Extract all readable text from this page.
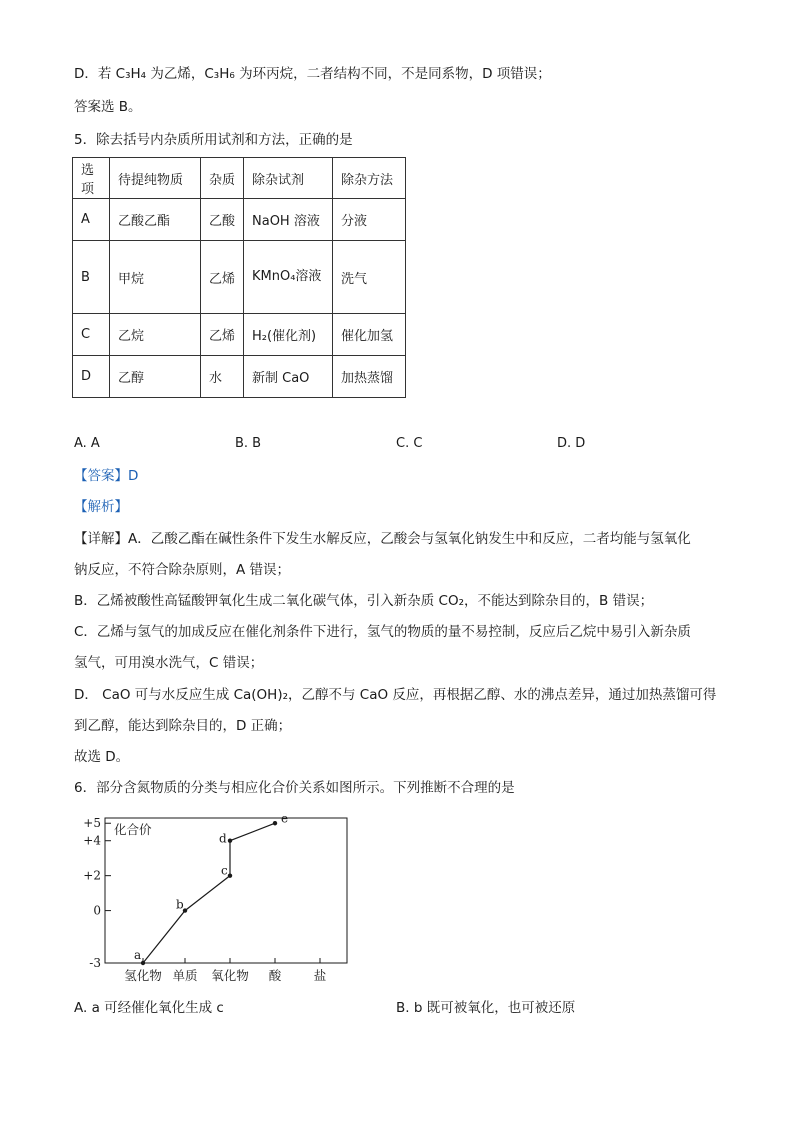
D．若 C₃H₄ 为乙烯，C₃H₆ 为环丙烷，二者结构不同，不是同系物，D 项错误；
答案选 B。
5．除去括号内杂质所用试剂和方法，正确的是
选项	待提纯物质	杂质	除杂试剂	除杂方法
A	乙酸乙酯	乙酸	NaOH 溶液	分液
B	甲烷	乙烯	KMnO₄溶液	洗气
C	乙烷	乙烯	H₂(催化剂)	催化加氢
D	乙醇	水	新制 CaO	加热蒸馏
A. A	B. B	C. C	D. D
【答案】D
【解析】
【详解】A．乙酸乙酯在碱性条件下发生水解反应，乙酸会与氢氧化钠发生中和反应，二者均能与氢氧化
钠反应，不符合除杂原则，A 错误；
B．乙烯被酸性高锰酸钾氧化生成二氧化碳气体，引入新杂质 CO₂，不能达到除杂目的，B 错误；
C．乙烯与氢气的加成反应在催化剂条件下进行，氢气的物质的量不易控制，反应后乙烷中易引入新杂质
氢气，可用溴水洗气，C 错误；
D． CaO 可与水反应生成 Ca(OH)₂，乙醇不与 CaO 反应，再根据乙醇、水的沸点差异，通过加热蒸馏可得
到乙醇，能达到除杂目的，D 正确；
故选 D。
6．部分含氮物质的分类与相应化合价关系如图所示。下列推断不合理的是
化合价
+5
+4
+2
0
-3
氢化物 单质 氧化物 酸	盐
a
b
c
d
e
A. a 可经催化氧化生成 c	B. b 既可被氧化，也可被还原
